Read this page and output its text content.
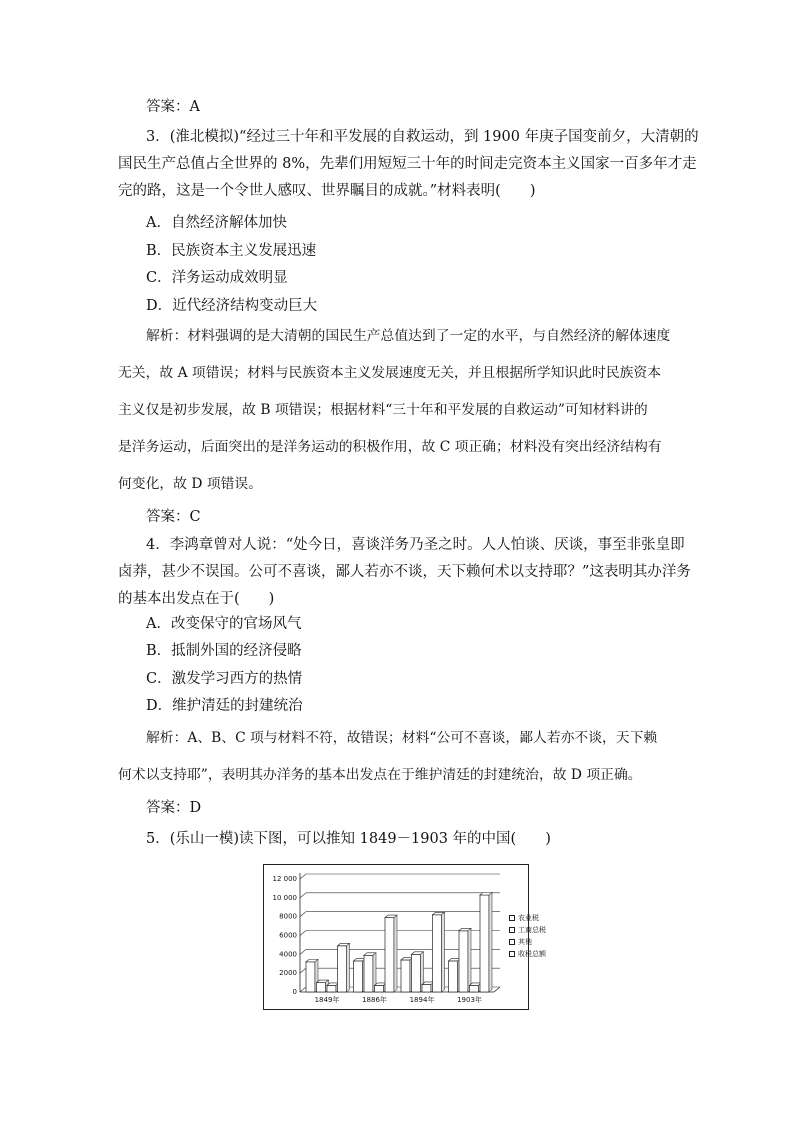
答案：A
3．(淮北模拟)“经过三十年和平发展的自救运动，到 1900 年庚子国变前夕，大清朝的
国民生产总值占全世界的 8%，先辈们用短短三十年的时间走完资本主义国家一百多年才走
完的路，这是一个令世人感叹、世界瞩目的成就。”材料表明(　　)
A．自然经济解体加快
B．民族资本主义发展迅速
C．洋务运动成效明显
D．近代经济结构变动巨大
解析：材料强调的是大清朝的国民生产总值达到了一定的水平，与自然经济的解体速度
无关，故 A 项错误；材料与民族资本主义发展速度无关，并且根据所学知识此时民族资本
主义仅是初步发展，故 B 项错误；根据材料“三十年和平发展的自救运动”可知材料讲的
是洋务运动，后面突出的是洋务运动的积极作用，故 C 项正确；材料没有突出经济结构有
何变化，故 D 项错误。
答案：C
4．李鸿章曾对人说：“处今日，喜谈洋务乃圣之时。人人怕谈、厌谈，事至非张皇即
卤莽，甚少不误国。公可不喜谈，鄙人若亦不谈，天下赖何术以支持耶？”这表明其办洋务
的基本出发点在于(　　)
A．改变保守的官场风气
B．抵制外国的经济侵略
C．激发学习西方的热情
D．维护清廷的封建统治
解析：A、B、C 项与材料不符，故错误；材料“公可不喜谈，鄙人若亦不谈，天下赖
何术以支持耶”，表明其办洋务的基本出发点在于维护清廷的封建统治，故 D 项正确。
答案：D
5．(乐山一模)读下图，可以推知 1849－1903 年的中国(　　)
0
2000
4000
6000
8000
10 000
12 000
1849年	1886年	1894年	1903年
农业税
工商总税
其他
收税总额
